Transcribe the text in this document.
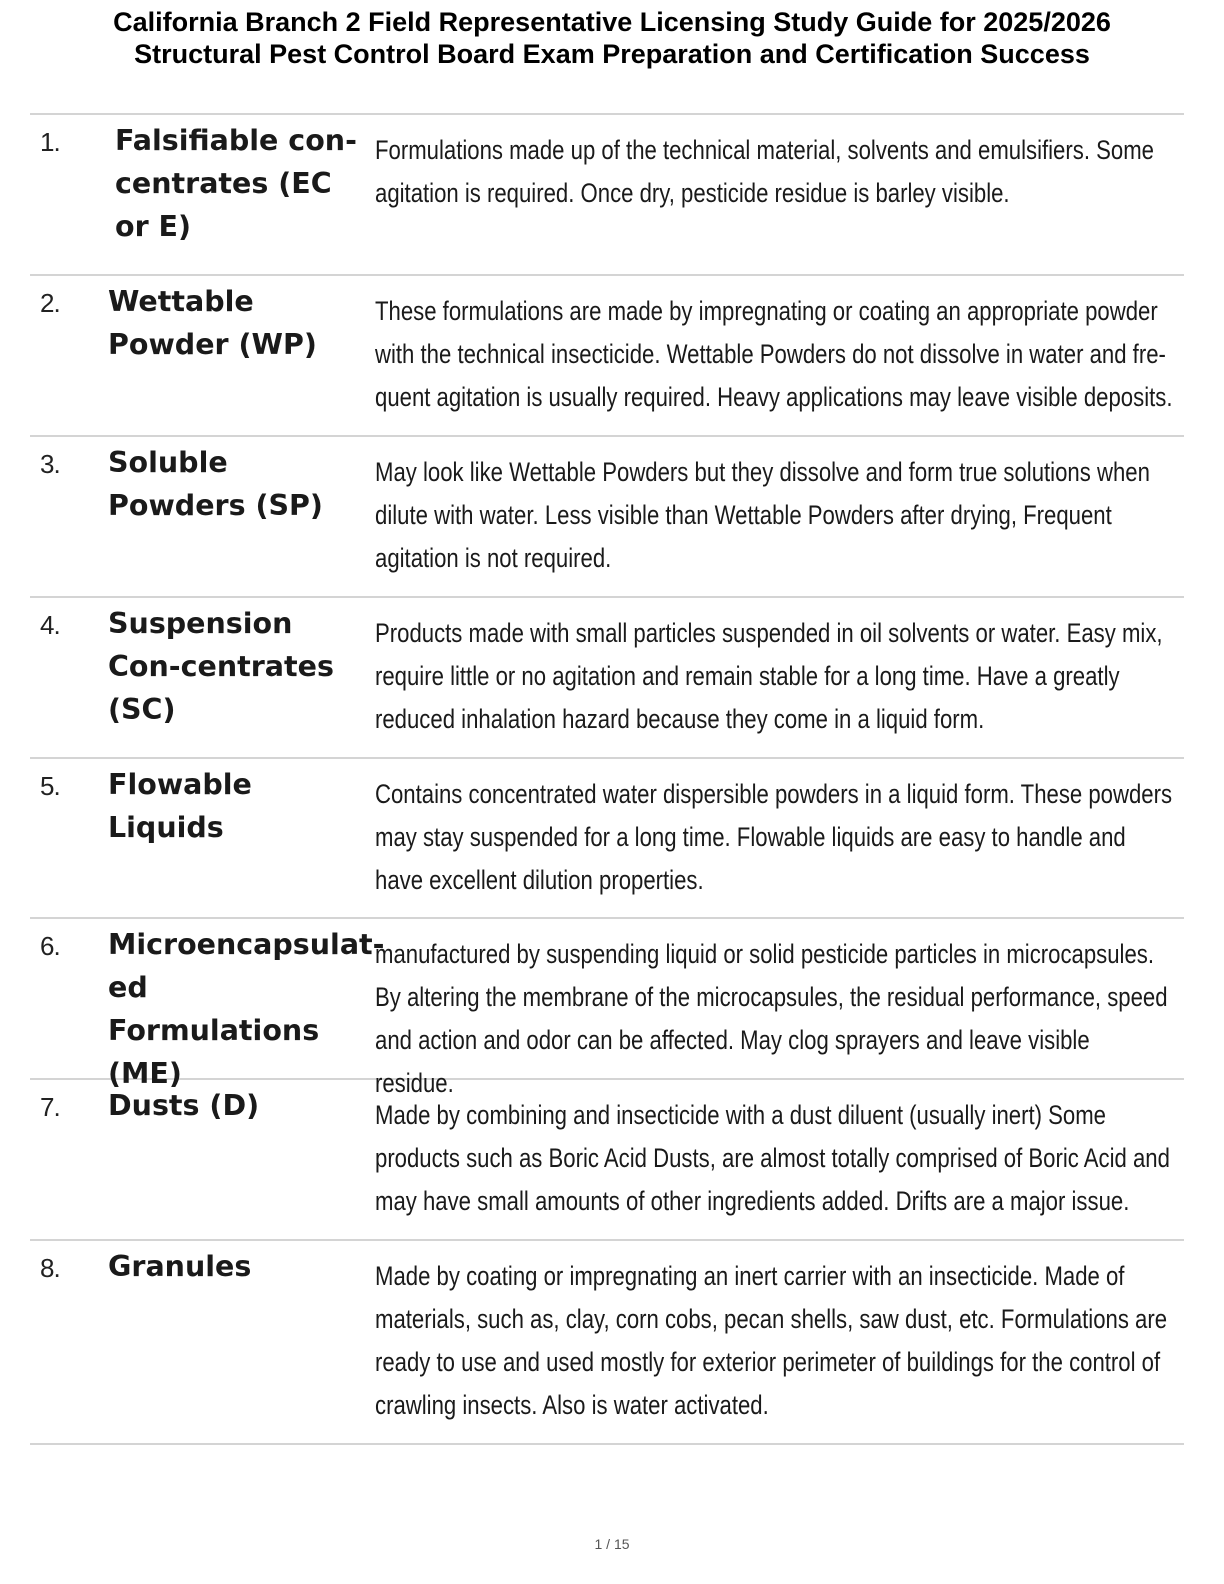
California Branch 2 Field Representative Licensing Study Guide for 2025/2026
Structural Pest Control Board Exam Preparation and Certification Success
1. Falsifiable con-centrates (EC or E)
Formulations made up of the technical material, solvents and emulsifiers. Some agitation is required. Once dry, pesticide residue is barley visible.
2. Wettable Powder (WP)
These formulations are made by impregnating or coating an appropriate powder with the technical insecticide. Wettable Powders do not dissolve in water and fre-quent agitation is usually required. Heavy applications may leave visible deposits.
3. Soluble Powders (SP)
May look like Wettable Powders but they dissolve and form true solutions when dilute with water. Less visible than Wettable Powders after drying, Frequent agitation is not required.
4. Suspension Con-centrates (SC)
Products made with small particles suspended in oil solvents or water. Easy mix, require little or no agitation and remain stable for a long time. Have a greatly reduced inhalation hazard because they come in a liquid form.
5. Flowable Liquids
Contains concentrated water dispersible powders in a liquid form. These powders may stay suspended for a long time. Flowable liquids are easy to handle and have excellent dilution properties.
6. Microencapsulat-ed Formulations (ME)
manufactured by suspending liquid or solid pesticide particles in microcapsules. By altering the membrane of the microcapsules, the residual performance, speed and action and odor can be affected. May clog sprayers and leave visible residue.
7. Dusts (D)	Made by combining and insecticide with a dust diluent (usually inert) Some products such as Boric Acid Dusts, are almost totally comprised of Boric Acid and may have small amounts of other ingredients added. Drifts are a major issue.
8. Granules	Made by coating or impregnating an inert carrier with an insecticide. Made of materials, such as, clay, corn cobs, pecan shells, saw dust, etc. Formulations are ready to use and used mostly for exterior perimeter of buildings for the control of crawling insects. Also is water activated.
1 / 15
